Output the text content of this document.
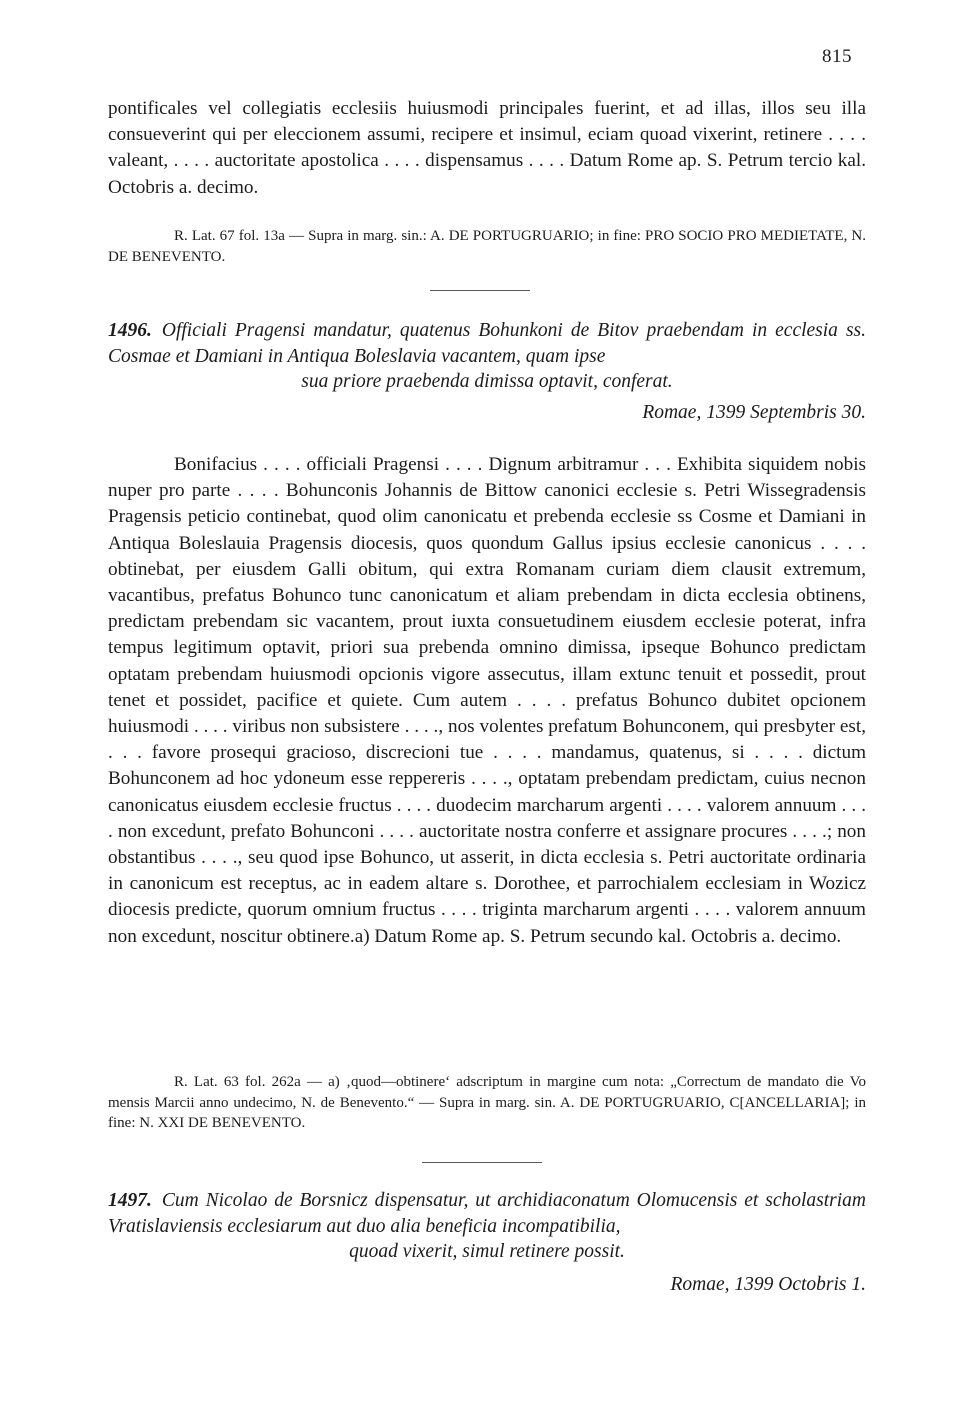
815

pontificales vel collegiatis ecclesiis huiusmodi principales fuerint, et ad illas, illos seu illa consueverint qui per eleccionem assumi, recipere et insimul, eciam quoad vixerint, retinere . . . . valeant, . . . . auctoritate apostolica . . . . dispensamus . . . . Datum Rome ap. S. Petrum tercio kal. Octobris a. decimo.

R. Lat. 67 fol. 13a — Supra in marg. sin.: A. DE PORTUGRUARIO; in fine: PRO SOCIO PRO MEDIETATE, N. DE BENEVENTO.

1496. Officiali Pragensi mandatur, quatenus Bohunkoni de Bitov praebendam in ecclesia ss. Cosmae et Damiani in Antiqua Boleslavia vacantem, quam ipse
sua priore praebenda dimissa optavit, conferat.

Romae, 1399 Septembris 30.

Bonifacius . . . . officiali Pragensi . . . . Dignum arbitramur . . . Exhibita siquidem nobis nuper pro parte . . . . Bohunconis Johannis de Bittow canonici ecclesie s. Petri Wissegradensis Pragensis peticio continebat, quod olim canonicatu et prebenda ecclesie ss Cosme et Damiani in Antiqua Boleslauia Pragensis diocesis, quos quondum Gallus ipsius ecclesie canonicus . . . . obtinebat, per eiusdem Galli obitum, qui extra Romanam curiam diem clausit extremum, vacantibus, prefatus Bohunco tunc canonicatum et aliam prebendam in dicta ecclesia obtinens, predictam prebendam sic vacantem, prout iuxta consuetudinem eiusdem ecclesie poterat, infra tempus legitimum optavit, priori sua prebenda omnino dimissa, ipseque Bohunco predictam optatam prebendam huiusmodi opcionis vigore assecutus, illam extunc tenuit et possedit, prout tenet et possidet, pacifice et quiete. Cum autem . . . . prefatus Bohunco dubitet opcionem huiusmodi . . . . viribus non subsistere . . . ., nos volentes prefatum Bohunconem, qui presbyter est, . . . favore prosequi gracioso, discrecioni tue . . . . mandamus, quatenus, si . . . . dictum Bohunconem ad hoc ydoneum esse reppereris . . . ., optatam prebendam predictam, cuius necnon canonicatus eiusdem ecclesie fructus . . . . duodecim marcharum argenti . . . . valorem annuum . . . . non excedunt, prefato Bohunconi . . . . auctoritate nostra conferre et assignare procures . . . .; non obstantibus . . . ., seu quod ipse Bohunco, ut asserit, in dicta ecclesia s. Petri auctoritate ordinaria in canonicum est receptus, ac in eadem altare s. Dorothee, et parrochialem ecclesiam in Wozicz diocesis predicte, quorum omnium fructus . . . . triginta marcharum argenti . . . . valorem annuum non excedunt, noscitur obtinere.a) Datum Rome ap. S. Petrum secundo kal. Octobris a. decimo.

R. Lat. 63 fol. 262a — a) ‚quod—obtinere‘ adscriptum in margine cum nota: „Correctum de mandato die Vo mensis Marcii anno undecimo, N. de Benevento.“ — Supra in marg. sin. A. DE PORTUGRUARIO, C[ANCELLARIA]; in fine: N. XXI DE BENEVENTO.

1497. Cum Nicolao de Borsnicz dispensatur, ut archidiaconatum Olomucensis et scholastriam Vratislaviensis ecclesiarum aut duo alia beneficia incompatibilia,
quoad vixerit, simul retinere possit.

Romae, 1399 Octobris 1.
